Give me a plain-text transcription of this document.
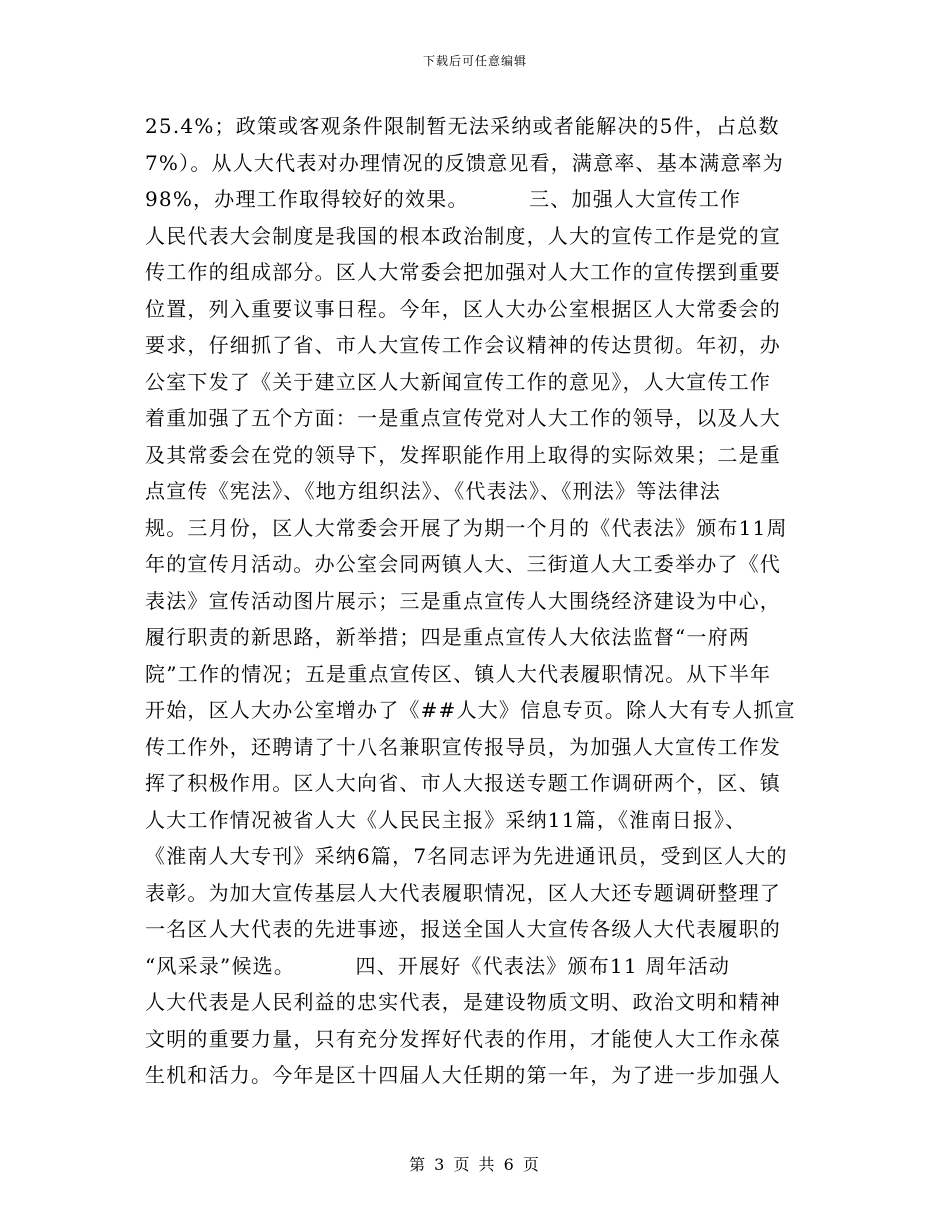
下载后可任意编辑
25.4%；政策或客观条件限制暂无法采纳或者能解决的5件，占总数
7%）。从人大代表对办理情况的反馈意见看，满意率、基本满意率为
98%，办理工作取得较好的效果。        三、加强人大宣传工作
人民代表大会制度是我国的根本政治制度，人大的宣传工作是党的宣
传工作的组成部分。区人大常委会把加强对人大工作的宣传摆到重要
位置，列入重要议事日程。今年，区人大办公室根据区人大常委会的
要求，仔细抓了省、市人大宣传工作会议精神的传达贯彻。年初，办
公室下发了《关于建立区人大新闻宣传工作的意见》，人大宣传工作
着重加强了五个方面：一是重点宣传党对人大工作的领导，以及人大
及其常委会在党的领导下，发挥职能作用上取得的实际效果；二是重
点宣传《宪法》、《地方组织法》、《代表法》、《刑法》等法律法
规。三月份，区人大常委会开展了为期一个月的《代表法》颁布11周
年的宣传月活动。办公室会同两镇人大、三街道人大工委举办了《代
表法》宣传活动图片展示；三是重点宣传人大围绕经济建设为中心，
履行职责的新思路，新举措；四是重点宣传人大依法监督“一府两
院”工作的情况；五是重点宣传区、镇人大代表履职情况。从下半年
开始，区人大办公室增办了《##人大》信息专页。除人大有专人抓宣
传工作外，还聘请了十八名兼职宣传报导员，为加强人大宣传工作发
挥了积极作用。区人大向省、市人大报送专题工作调研两个，区、镇
人大工作情况被省人大《人民民主报》采纳11篇，《淮南日报》、
《淮南人大专刊》采纳6篇，7名同志评为先进通讯员，受到区人大的
表彰。为加大宣传基层人大代表履职情况，区人大还专题调研整理了
一名区人大代表的先进事迹，报送全国人大宣传各级人大代表履职的
“风采录”候选。        四、开展好《代表法》颁布11 周年活动
人大代表是人民利益的忠实代表，是建设物质文明、政治文明和精神
文明的重要力量，只有充分发挥好代表的作用，才能使人大工作永葆
生机和活力。今年是区十四届人大任期的第一年，为了进一步加强人
第 3 页 共 6 页
